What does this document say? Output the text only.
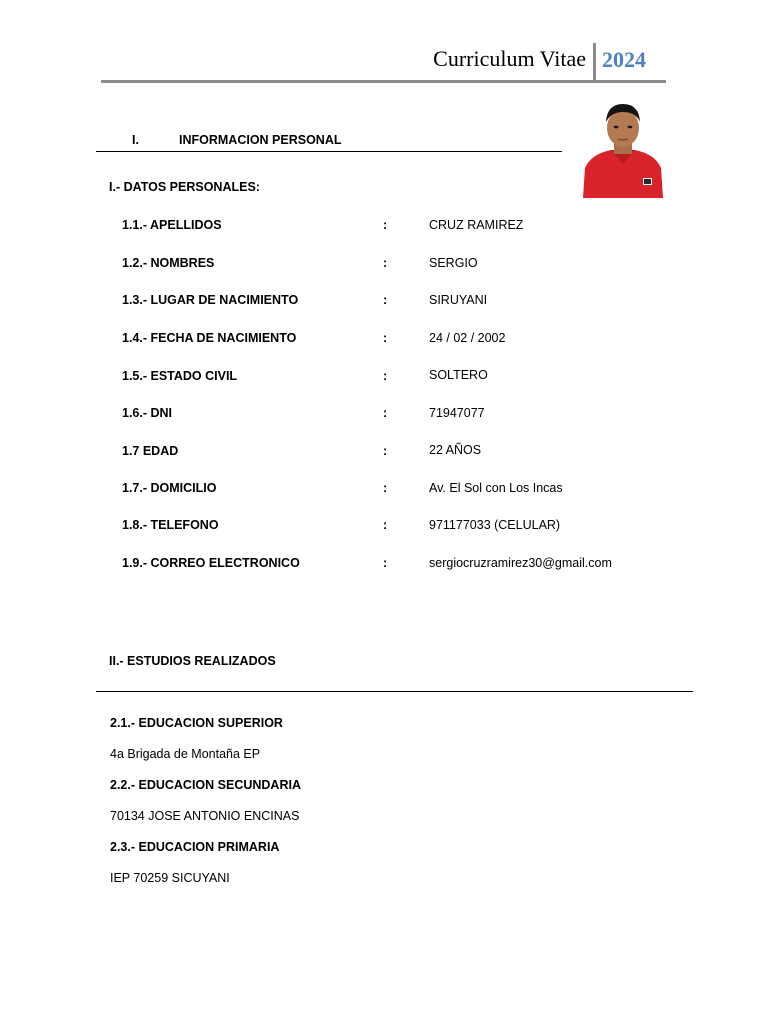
Curriculum Vitae 2024
I.	INFORMACION PERSONAL
I.- DATOS PERSONALES:
1.1.- APELLIDOS	:	CRUZ RAMIREZ
1.2.- NOMBRES	:	SERGIO
1.3.- LUGAR DE NACIMIENTO	:	SIRUYANI
1.4.- FECHA DE NACIMIENTO	:	24 / 02 / 2002
1.5.- ESTADO CIVIL	:	SOLTERO
1.6.- DNI	:	71947077
1.7 EDAD	:	22 AÑOS
1.7.- DOMICILIO	:	Av. El Sol con Los Incas
1.8.- TELEFONO	:	971177033 (CELULAR)
1.9.- CORREO ELECTRONICO	:	sergiocruzramirez30@gmail.com
II.- ESTUDIOS REALIZADOS
2.1.- EDUCACION SUPERIOR
4a Brigada de Montaña EP
2.2.- EDUCACION SECUNDARIA
70134 JOSE ANTONIO ENCINAS
2.3.- EDUCACION PRIMARIA
IEP 70259 SICUYANI
